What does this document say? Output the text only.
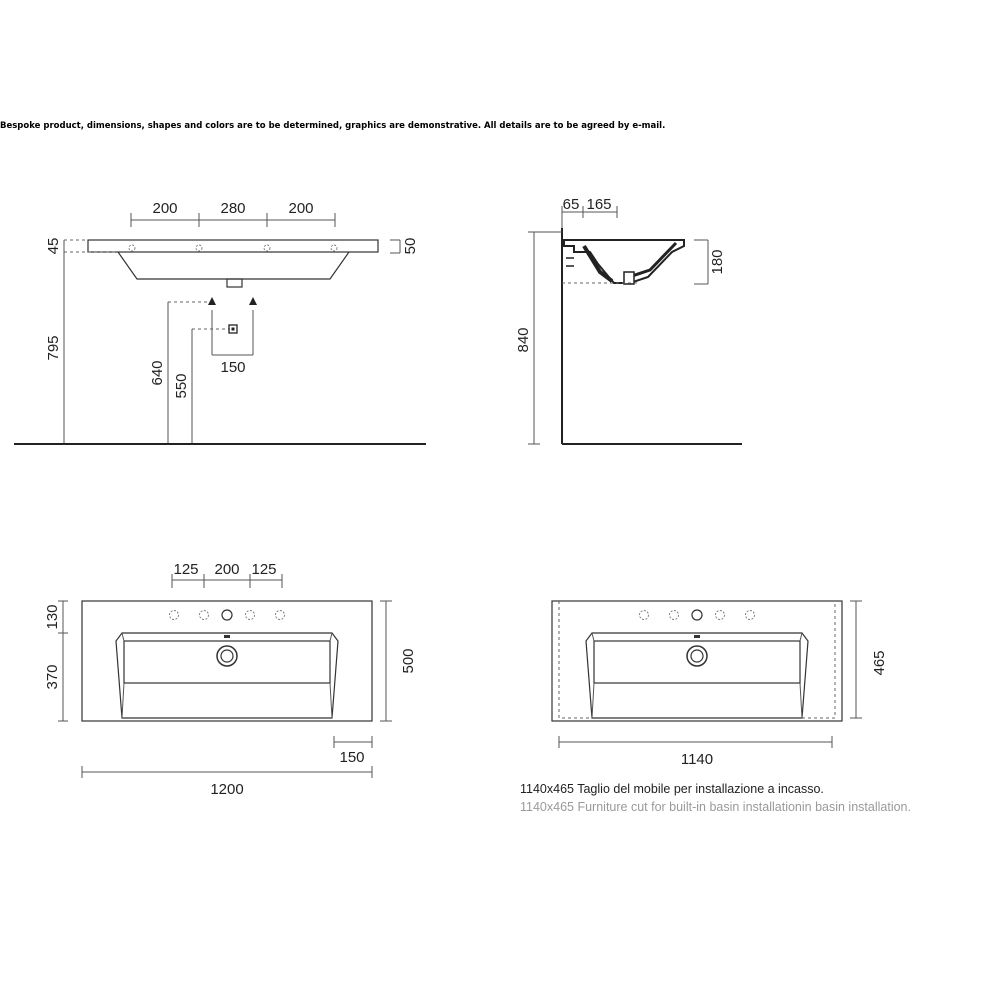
Bespoke product, dimensions, shapes and colors are to be determined, graphics are demonstrative. All details are to be agreed by e-mail.
200	280	200
45	50
795
150
640
550
65 165
180
840
125 200 125
130
370
500
150
1200
465
1140
1140x465 Taglio del mobile per installazione a incasso.
1140x465 Furniture cut for built-in basin installationin basin installation.
